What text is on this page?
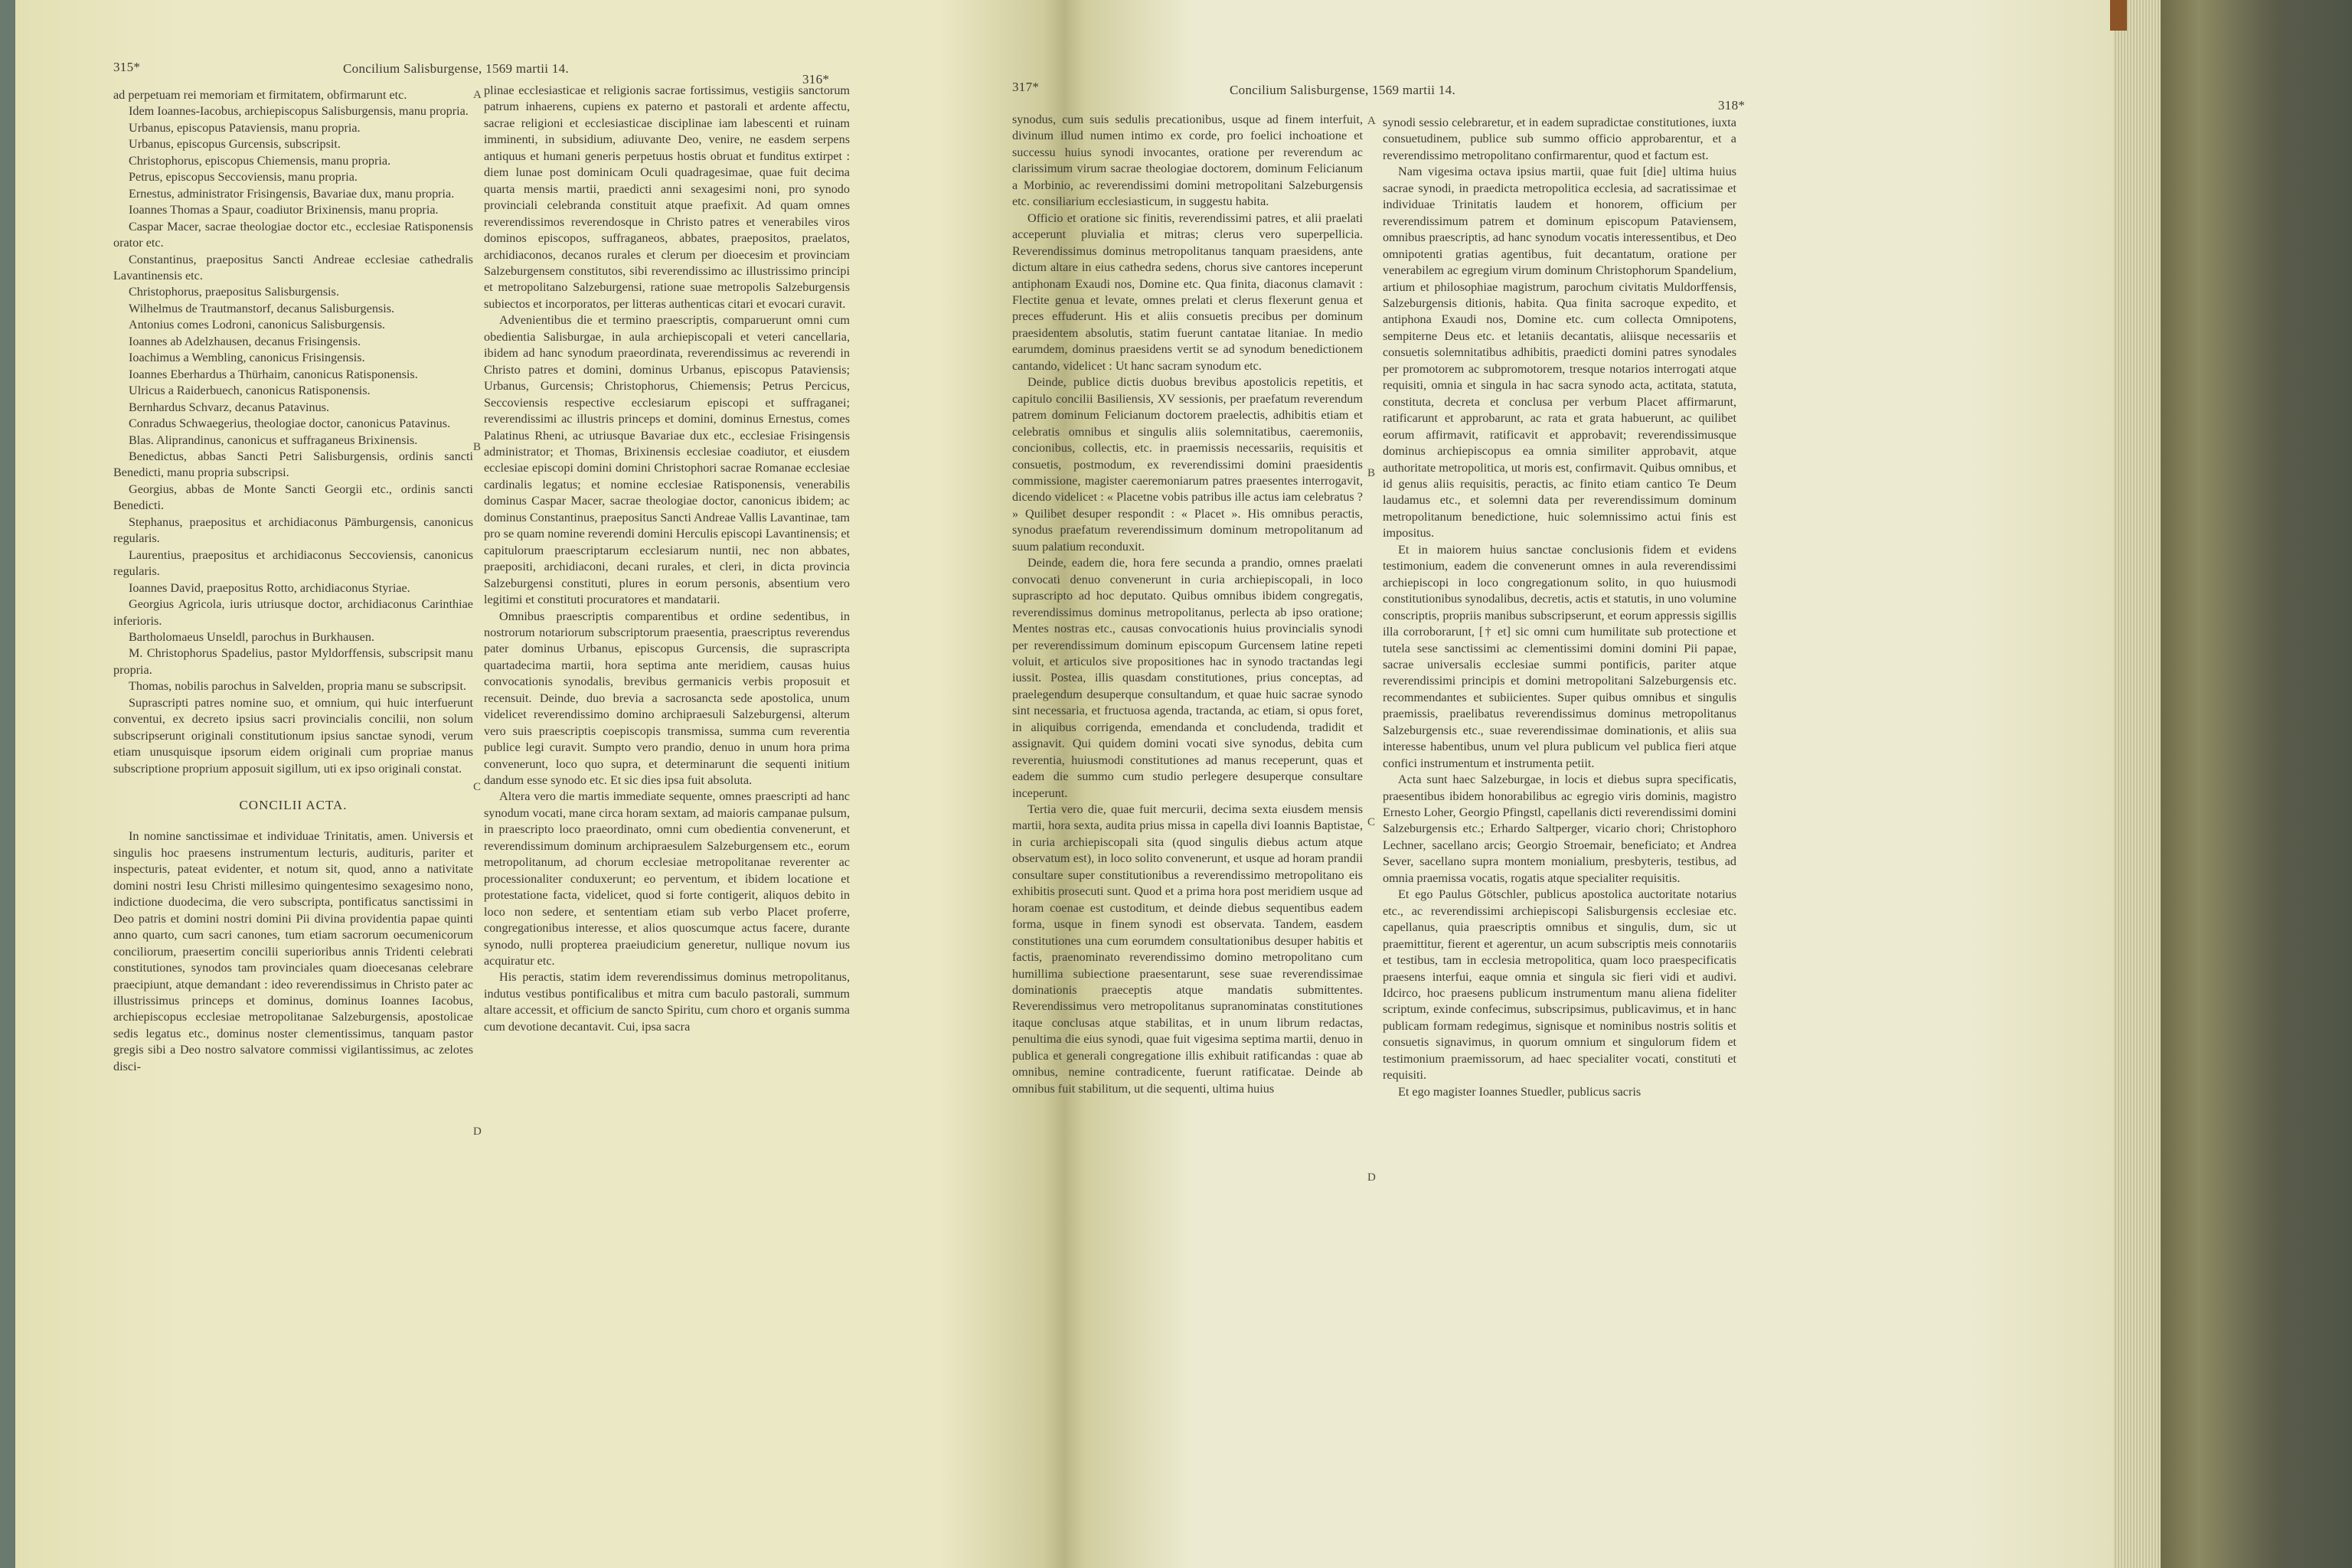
315*	Concilium Salisburgense, 1569 martii 14.
316*

ad perpetuam rei memoriam et firmitatem, obfirmarunt etc.

Idem Ioannes-Iacobus, archiepiscopus Salisburgensis, manu propria.

Urbanus, episcopus Pataviensis, manu propria.

Urbanus, episcopus Gurcensis, subscripsit.

Christophorus, episcopus Chiemensis, manu propria.

Petrus, episcopus Seccoviensis, manu propria.

Ernestus, administrator Frisingensis, Bavariae dux, manu propria.

Ioannes Thomas a Spaur, coadiutor Brixinensis, manu propria.

Caspar Macer, sacrae theologiae doctor etc., ecclesiae Ratisponensis orator etc.

Constantinus, praepositus Sancti Andreae ecclesiae cathedralis Lavantinensis etc.

Christophorus, praepositus Salisburgensis.

Wilhelmus de Trautmanstorf, decanus Salisburgensis.

Antonius comes Lodroni, canonicus Salisburgensis.

Ioannes ab Adelzhausen, decanus Frisingensis.

Ioachimus a Wembling, canonicus Frisingensis.

Ioannes Eberhardus a Thürhaim, canonicus Ratisponensis.

Ulricus a Raiderbuech, canonicus Ratisponensis.

Bernhardus Schvarz, decanus Patavinus.

Conradus Schwaegerius, theologiae doctor, canonicus Patavinus.

Blas. Aliprandinus, canonicus et suffraganeus Brixinensis.

Benedictus, abbas Sancti Petri Salisburgensis, ordinis sancti Benedicti, manu propria subscripsi.

Georgius, abbas de Monte Sancti Georgii etc., ordinis sancti Benedicti.

Stephanus, praepositus et archidiaconus Pämburgensis, canonicus regularis.

Laurentius, praepositus et archidiaconus Seccoviensis, canonicus regularis.

Ioannes David, praepositus Rotto, archidiaconus Styriae.

Georgius Agricola, iuris utriusque doctor, archidiaconus Carinthiae inferioris.

Bartholomaeus Unseldl, parochus in Burkhausen.

M. Christophorus Spadelius, pastor Myldorffensis, subscripsit manu propria.

Thomas, nobilis parochus in Salvelden, propria manu se subscripsit.

Suprascripti patres nomine suo, et omnium, qui huic interfuerunt conventui, ex decreto ipsius sacri provincialis concilii, non solum subscripserunt originali constitutionum ipsius sanctae synodi, verum etiam unusquisque ipsorum eidem originali cum propriae manus subscriptione proprium apposuit sigillum, uti ex ipso originali constat.

CONCILII ACTA.

In nomine sanctissimae et individuae Trinitatis, amen. Universis et singulis hoc praesens instrumentum lecturis, audituris, pariter et inspecturis, pateat evidenter, et notum sit, quod, anno a nativitate domini nostri Iesu Christi millesimo quingentesimo sexagesimo nono, indictione duodecima, die vero subscripta, pontificatus sanctissimi in Deo patris et domini nostri domini Pii divina providentia papae quinti anno quarto, cum sacri canones, tum etiam sacrorum oecumenicorum conciliorum, praesertim concilii superioribus annis Tridenti celebrati constitutiones, synodos tam provinciales quam dioecesanas celebrare praecipiunt, atque demandant : ideo reverendissimus in Christo pater ac illustrissimus princeps et dominus, dominus Ioannes Iacobus, archiepiscopus ecclesiae metropolitanae Salzeburgensis, apostolicae sedis legatus etc., dominus noster clementissimus, tanquam pastor gregis sibi a Deo nostro salvatore commissi vigilantissimus, ac zelotes disci-

plinae ecclesiasticae et religionis sacrae fortissimus, vestigiis sanctorum patrum inhaerens, cupiens ex paterno et pastorali et ardente affectu, sacrae religioni et ecclesiasticae disciplinae iam labescenti et ruinam imminenti, in subsidium, adiuvante Deo, venire, ne easdem serpens antiquus et humani generis perpetuus hostis obruat et funditus extirpet : diem lunae post dominicam Oculi quadragesimae, quae fuit decima quarta mensis martii, praedicti anni sexagesimi noni, pro synodo provinciali celebranda constituit atque praefixit. Ad quam omnes reverendissimos reverendosque in Christo patres et venerabiles viros dominos episcopos, suffraganeos, abbates, praepositos, praelatos, archidiaconos, decanos rurales et clerum per dioecesim et provinciam Salzeburgensem constitutos, sibi reverendissimo ac illustrissimo principi et metropolitano Salzeburgensi, ratione suae metropolis Salzeburgensis subiectos et incorporatos, per litteras authenticas citari et evocari curavit.

Advenientibus die et termino praescriptis, comparuerunt omni cum obedientia Salisburgae, in aula archiepiscopali et veteri cancellaria, ibidem ad hanc synodum praeordinata, reverendissimus ac reverendi in Christo patres et domini, dominus Urbanus, episcopus Pataviensis; Urbanus, Gurcensis; Christophorus, Chiemensis; Petrus Percicus, Seccoviensis respective ecclesiarum episcopi et suffraganei; reverendissimi ac illustris princeps et domini, dominus Ernestus, comes Palatinus Rheni, ac utriusque Bavariae dux etc., ecclesiae Frisingensis administrator; et Thomas, Brixinensis ecclesiae coadiutor, et eiusdem ecclesiae episcopi domini domini Christophori sacrae Romanae ecclesiae cardinalis legatus; et nomine ecclesiae Ratisponensis, venerabilis dominus Caspar Macer, sacrae theologiae doctor, canonicus ibidem; ac dominus Constantinus, praepositus Sancti Andreae Vallis Lavantinae, tam pro se quam nomine reverendi domini Herculis episcopi Lavantinensis; et capitulorum praescriptarum ecclesiarum nuntii, nec non abbates, praepositi, archidiaconi, decani rurales, et cleri, in dicta provincia Salzeburgensi constituti, plures in eorum personis, absentium vero legitimi et constituti procuratores et mandatarii.

Omnibus praescriptis comparentibus et ordine sedentibus, in nostrorum notariorum subscriptorum praesentia, praescriptus reverendus pater dominus Urbanus, episcopus Gurcensis, die suprascripta quartadecima martii, hora septima ante meridiem, causas huius convocationis synodalis, brevibus germanicis verbis proposuit et recensuit. Deinde, duo brevia a sacrosancta sede apostolica, unum videlicet reverendissimo domino archipraesuli Salzeburgensi, alterum vero suis praescriptis coepiscopis transmissa, summa cum reverentia publice legi curavit. Sumpto vero prandio, denuo in unum hora prima convenerunt, loco quo supra, et determinarunt die sequenti initium dandum esse synodo etc. Et sic dies ipsa fuit absoluta.

Altera vero die martis immediate sequente, omnes praescripti ad hanc synodum vocati, mane circa horam sextam, ad maioris campanae pulsum, in praescripto loco praeordinato, omni cum obedientia convenerunt, et reverendissimum dominum archipraesulem Salzeburgensem etc., eorum metropolitanum, ad chorum ecclesiae metropolitanae reverenter ac processionaliter conduxerunt; eo perventum, et ibidem locatione et protestatione facta, videlicet, quod si forte contigerit, aliquos debito in loco non sedere, et sententiam etiam sub verbo Placet proferre, congregationibus interesse, et alios quoscumque actus facere, durante synodo, nulli propterea praeiudicium generetur, nullique novum ius acquiratur etc.

His peractis, statim idem reverendissimus dominus metropolitanus, indutus vestibus pontificalibus et mitra cum baculo pastorali, summum altare accessit, et officium de sancto Spiritu, cum choro et organis summa cum devotione decantavit. Cui, ipsa sacra

A
B
C
D
317*	Concilium Salisburgense, 1569 martii 14.
318*

synodus, cum suis sedulis precationibus, usque ad finem interfuit, divinum illud numen intimo ex corde, pro foelici inchoatione et successu huius synodi invocantes, oratione per reverendum ac clarissimum virum sacrae theologiae doctorem, dominum Felicianum a Morbinio, ac reverendissimi domini metropolitani Salzeburgensis etc. consiliarium ecclesiasticum, in suggestu habita.

Officio et oratione sic finitis, reverendissimi patres, et alii praelati acceperunt pluvialia et mitras; clerus vero superpellicia. Reverendissimus dominus metropolitanus tanquam praesidens, ante dictum altare in eius cathedra sedens, chorus sive cantores inceperunt antiphonam Exaudi nos, Domine etc. Qua finita, diaconus clamavit : Flectite genua et levate, omnes prelati et clerus flexerunt genua et preces effuderunt. His et aliis consuetis precibus per dominum praesidentem absolutis, statim fuerunt cantatae litaniae. In medio earumdem, dominus praesidens vertit se ad synodum benedictionem cantando, videlicet : Ut hanc sacram synodum etc.

Deinde, publice dictis duobus brevibus apostolicis repetitis, et capitulo concilii Basiliensis, XV sessionis, per praefatum reverendum patrem dominum Felicianum doctorem praelectis, adhibitis etiam et celebratis omnibus et singulis aliis solemnitatibus, caeremoniis, concionibus, collectis, etc. in praemissis necessariis, requisitis et consuetis, postmodum, ex reverendissimi domini praesidentis commissione, magister caeremoniarum patres praesentes interrogavit, dicendo videlicet : « Placetne vobis patribus ille actus iam celebratus ? » Quilibet desuper respondit : « Placet ». His omnibus peractis, synodus praefatum reverendissimum dominum metropolitanum ad suum palatium reconduxit.

Deinde, eadem die, hora fere secunda a prandio, omnes praelati convocati denuo convenerunt in curia archiepiscopali, in loco suprascripto ad hoc deputato. Quibus omnibus ibidem congregatis, reverendissimus dominus metropolitanus, perlecta ab ipso oratione; Mentes nostras etc., causas convocationis huius provincialis synodi per reverendissimum dominum episcopum Gurcensem latine repeti voluit, et articulos sive propositiones hac in synodo tractandas legi iussit. Postea, illis quasdam constitutiones, prius conceptas, ad praelegendum desuperque consultandum, et quae huic sacrae synodo sint necessaria, et fructuosa agenda, tractanda, ac etiam, si opus foret, in aliquibus corrigenda, emendanda et concludenda, tradidit et assignavit. Qui quidem domini vocati sive synodus, debita cum reverentia, huiusmodi constitutiones ad manus receperunt, quas et eadem die summo cum studio perlegere desuperque consultare inceperunt.

Tertia vero die, quae fuit mercurii, decima sexta eiusdem mensis martii, hora sexta, audita prius missa in capella divi Ioannis Baptistae, in curia archiepiscopali sita (quod singulis diebus actum atque observatum est), in loco solito convenerunt, et usque ad horam prandii consultare super constitutionibus a reverendissimo metropolitano eis exhibitis prosecuti sunt. Quod et a prima hora post meridiem usque ad horam coenae est custoditum, et deinde diebus sequentibus eadem forma, usque in finem synodi est observata. Tandem, easdem constitutiones una cum eorumdem consultationibus desuper habitis et factis, praenominato reverendissimo domino metropolitano cum humillima subiectione praesentarunt, sese suae reverendissimae dominationis praeceptis atque mandatis submittentes. Reverendissimus vero metropolitanus supranominatas constitutiones itaque conclusas atque stabilitas, et in unum librum redactas, penultima die eius synodi, quae fuit vigesima septima martii, denuo in publica et generali congregatione illis exhibuit ratificandas : quae ab omnibus, nemine contradicente, fuerunt ratificatae. Deinde ab omnibus fuit stabilitum, ut die sequenti, ultima huius

synodi sessio celebraretur, et in eadem supradictae constitutiones, iuxta consuetudinem, publice sub summo officio approbarentur, et a reverendissimo metropolitano confirmarentur, quod et factum est.

Nam vigesima octava ipsius martii, quae fuit [die] ultima huius sacrae synodi, in praedicta metropolitica ecclesia, ad sacratissimae et individuae Trinitatis laudem et honorem, officium per reverendissimum patrem et dominum episcopum Pataviensem, omnibus praescriptis, ad hanc synodum vocatis interessentibus, et Deo omnipotenti gratias agentibus, fuit decantatum, oratione per venerabilem ac egregium virum dominum Christophorum Spandelium, artium et philosophiae magistrum, parochum civitatis Muldorffensis, Salzeburgensis ditionis, habita. Qua finita sacroque expedito, et antiphona Exaudi nos, Domine etc. cum collecta Omnipotens, sempiterne Deus etc. et letaniis decantatis, aliisque necessariis et consuetis solemnitatibus adhibitis, praedicti domini patres synodales per promotorem ac subpromotorem, tresque notarios interrogati atque requisiti, omnia et singula in hac sacra synodo acta, actitata, statuta, constituta, decreta et conclusa per verbum Placet affirmarunt, ratificarunt et approbarunt, ac rata et grata habuerunt, ac quilibet eorum affirmavit, ratificavit et approbavit; reverendissimusque dominus archiepiscopus ea omnia similiter approbavit, atque authoritate metropolitica, ut moris est, confirmavit. Quibus omnibus, et id genus aliis requisitis, peractis, ac finito etiam cantico Te Deum laudamus etc., et solemni data per reverendissimum dominum metropolitanum benedictione, huic solemnissimo actui finis est impositus.

Et in maiorem huius sanctae conclusionis fidem et evidens testimonium, eadem die convenerunt omnes in aula reverendissimi archiepiscopi in loco congregationum solito, in quo huiusmodi constitutionibus synodalibus, decretis, actis et statutis, in uno volumine conscriptis, propriis manibus subscripserunt, et eorum appressis sigillis illa corroborarunt, [† et] sic omni cum humilitate sub protectione et tutela sese sanctissimi ac clementissimi domini domini Pii papae, sacrae universalis ecclesiae summi pontificis, pariter atque reverendissimi principis et domini metropolitani Salzeburgensis etc. recommendantes et subiicientes. Super quibus omnibus et singulis praemissis, praelibatus reverendissimus dominus metropolitanus Salzeburgensis etc., suae reverendissimae dominationis, et aliis sua interesse habentibus, unum vel plura publicum vel publica fieri atque confici instrumentum et instrumenta petiit.

Acta sunt haec Salzeburgae, in locis et diebus supra specificatis, praesentibus ibidem honorabilibus ac egregio viris dominis, magistro Ernesto Loher, Georgio Pfingstl, capellanis dicti reverendissimi domini Salzeburgensis etc.; Erhardo Saltperger, vicario chori; Christophoro Lechner, sacellano arcis; Georgio Stroemair, beneficiato; et Andrea Sever, sacellano supra montem monialium, presbyteris, testibus, ad omnia praemissa vocatis, rogatis atque specialiter requisitis.

Et ego Paulus Götschler, publicus apostolica auctoritate notarius etc., ac reverendissimi archiepiscopi Salisburgensis ecclesiae etc. capellanus, quia praescriptis omnibus et singulis, dum, sic ut praemittitur, fierent et agerentur, un acum subscriptis meis connotariis et testibus, tam in ecclesia metropolitica, quam loco praespecificatis praesens interfui, eaque omnia et singula sic fieri vidi et audivi. Idcirco, hoc praesens publicum instrumentum manu aliena fideliter scriptum, exinde confecimus, subscripsimus, publicavimus, et in hanc publicam formam redegimus, signisque et nominibus nostris solitis et consuetis signavimus, in quorum omnium et singulorum fidem et testimonium praemissorum, ad haec specialiter vocati, constituti et requisiti.

Et ego magister Ioannes Stuedler, publicus sacris

A
B
C
D
